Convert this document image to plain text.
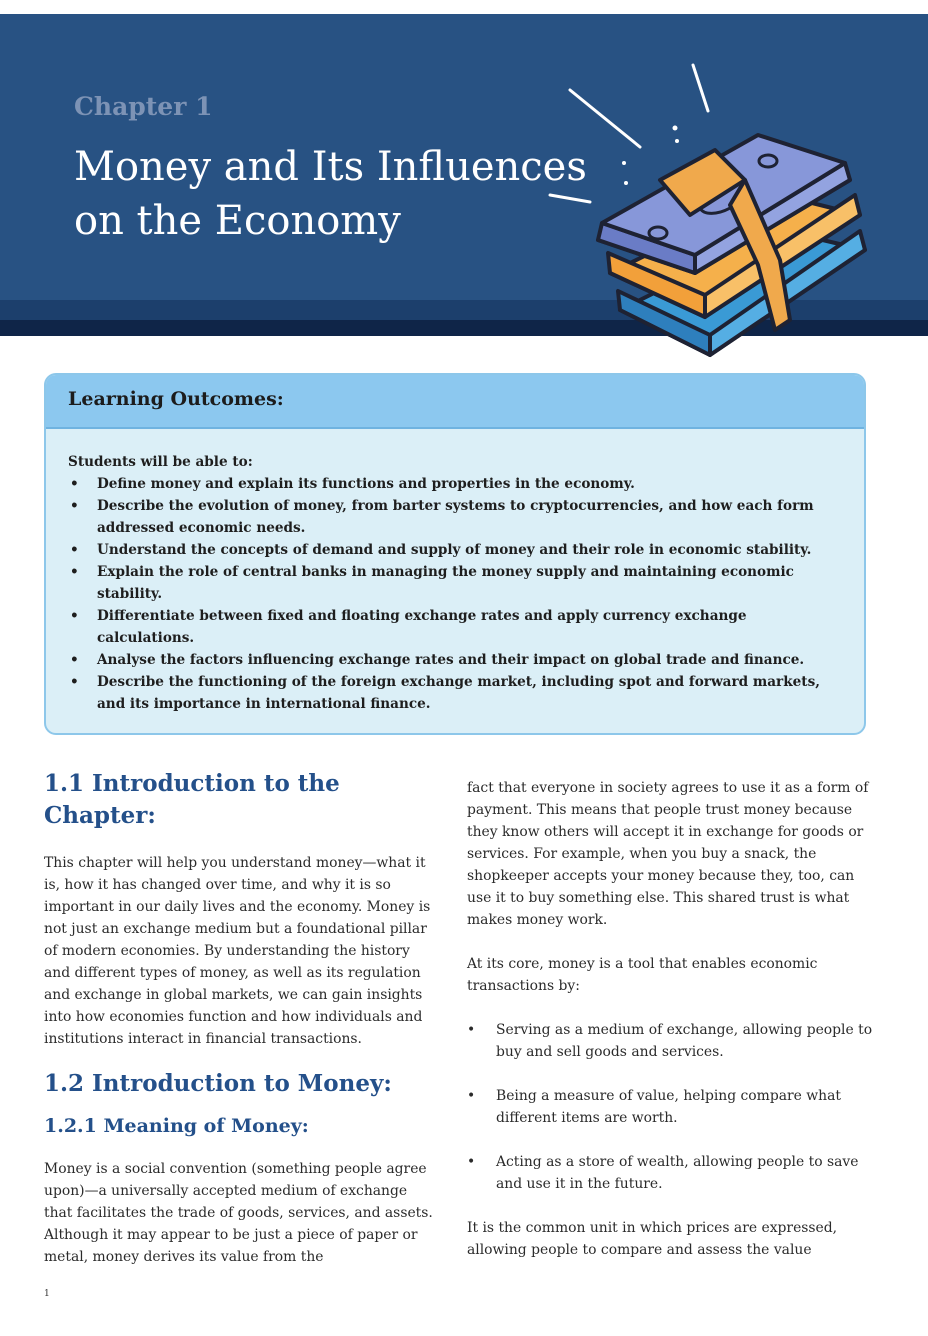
Chapter 1
Money and Its Influences
on the Economy
Learning Outcomes:

Students will be able to:

• Define money and explain its functions and properties in the economy.
• Describe the evolution of money, from barter systems to cryptocurrencies, and how each form addressed economic needs.
• Understand the concepts of demand and supply of money and their role in economic stability.
• Explain the role of central banks in managing the money supply and maintaining economic stability.
• Differentiate between fixed and floating exchange rates and apply currency exchange calculations.
• Analyse the factors influencing exchange rates and their impact on global trade and finance.
• Describe the functioning of the foreign exchange market, including spot and forward markets, and its importance in international finance.
1.1 Introduction to the Chapter:

This chapter will help you understand money—what it is, how it has changed over time, and why it is so important in our daily lives and the economy. Money is not just an exchange medium but a foundational pillar of modern economies. By understanding the history and different types of money, as well as its regulation and exchange in global markets, we can gain insights into how economies function and how individuals and institutions interact in financial transactions.

1.2 Introduction to Money:
1.2.1 Meaning of Money:

Money is a social convention (something people agree upon)—a universally accepted medium of exchange that facilitates the trade of goods, services, and assets. Although it may appear to be just a piece of paper or metal, money derives its value from the

fact that everyone in society agrees to use it as a form of payment. This means that people trust money because they know others will accept it in exchange for goods or services. For example, when you buy a snack, the shopkeeper accepts your money because they, too, can use it to buy something else. This shared trust is what makes money work.

At its core, money is a tool that enables economic transactions by:

• Serving as a medium of exchange, allowing people to buy and sell goods and services.
• Being a measure of value, helping compare what different items are worth.
• Acting as a store of wealth, allowing people to save and use it in the future.

It is the common unit in which prices are expressed, allowing people to compare and assess the value

1
